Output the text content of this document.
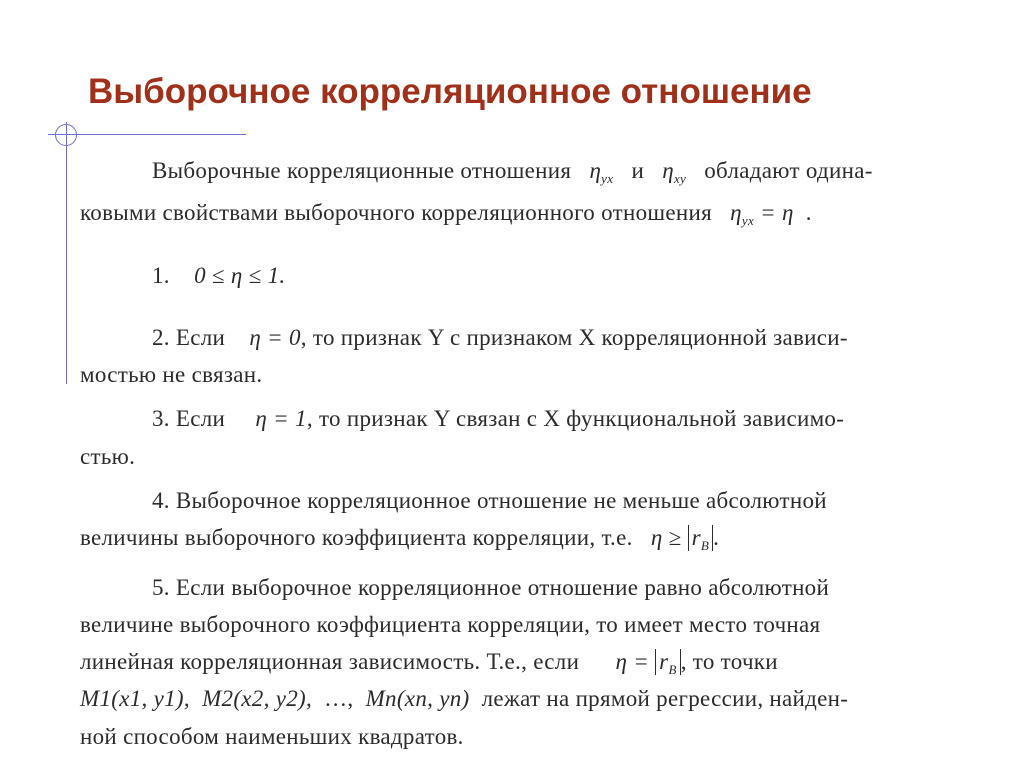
Выборочное корреляционное отношение
Выборочные корреляционные отношения $\eta_{yx}$ и $\eta_{xy}$ обладают одина-
ковыми свойствами выборочного корреляционного отношения $\eta_{yx} = \eta$ .
1. 0 ≤ η ≤ 1.
2. Если η = 0, то признак Y с признаком X корреляционной зависи-
мостью не связан.
3. Если η = 1, то признак Y связан с X функциональной зависимо-
стью.
4. Выборочное корреляционное отношение не меньше абсолютной
величины выборочного коэффициента корреляции, т.е. $\eta \ge r_B$ .
5. Если выборочное корреляционное отношение равно абсолютной
величине выборочного коэффициента корреляции, то имеет место точная
линейная корреляционная зависимость. Т.е., если $\eta = r_B$ , то точки
M1(x1, y1), M2(x2, y2), …, Mn(xn, yn) лежат на прямой регрессии, найден-
ной способом наименьших квадратов.
